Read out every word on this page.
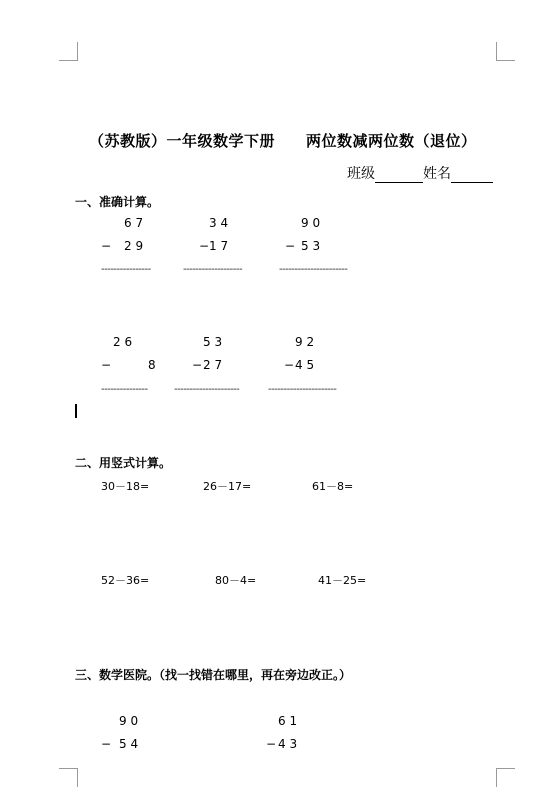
（苏教版）一年级数学下册 两位数减两位数（退位）
班级	姓名
一、准确计算。
6 7
− 2 9
----------------
3 4
− 1 7
-------------------
9 0
− 5 3
----------------------
2 6
−	8
---------------
5 3
− 2 7
---------------------
9 2
− 4 5
----------------------
二、用竖式计算。
30－18=	26－17=	61－8=
52－36=	80－4=	41－25=
三、数学医院。（找一找错在哪里，再在旁边改正。）
9 0
− 5 4
6 1
− 4 3
